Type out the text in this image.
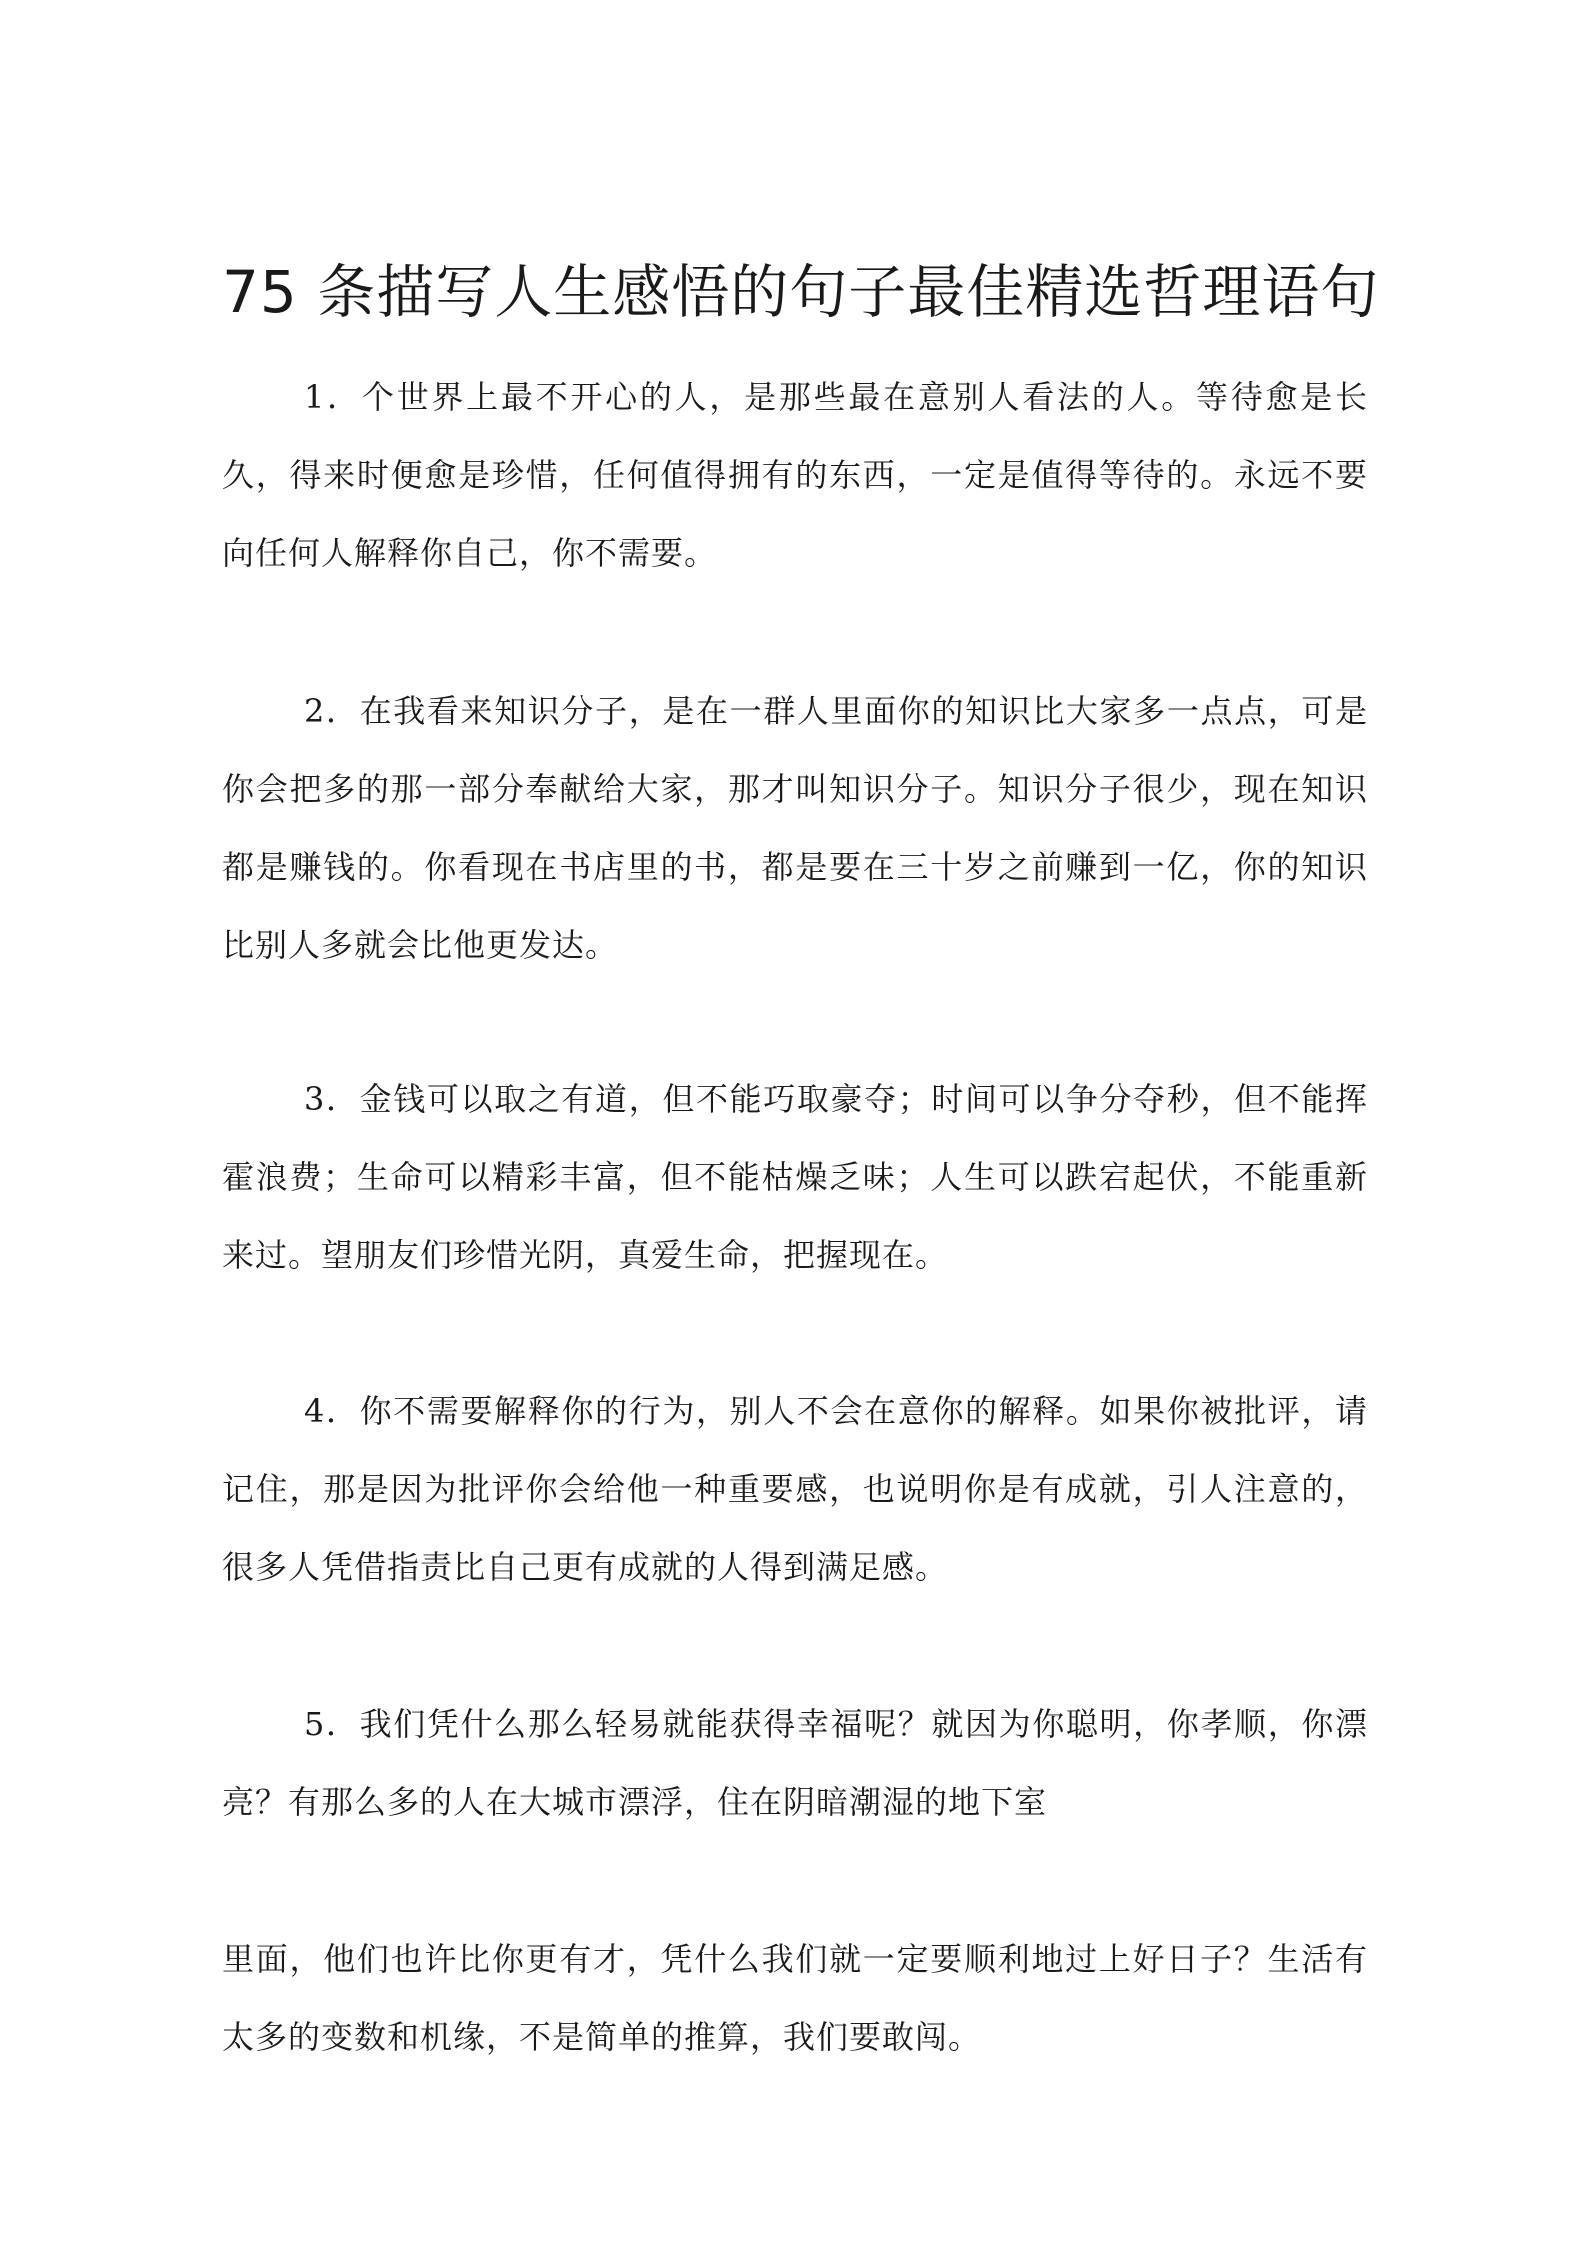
75 条描写人生感悟的句子最佳精选哲理语句

1．个世界上最不开心的人，是那些最在意别人看法的人。等待愈是长久，得来时便愈是珍惜，任何值得拥有的东西，一定是值得等待的。永远不要向任何人解释你自己，你不需要。

2．在我看来知识分子，是在一群人里面你的知识比大家多一点点，可是你会把多的那一部分奉献给大家，那才叫知识分子。知识分子很少，现在知识都是赚钱的。你看现在书店里的书，都是要在三十岁之前赚到一亿，你的知识比别人多就会比他更发达。

3．金钱可以取之有道，但不能巧取豪夺；时间可以争分夺秒，但不能挥霍浪费；生命可以精彩丰富，但不能枯燥乏味；人生可以跌宕起伏，不能重新来过。望朋友们珍惜光阴，真爱生命，把握现在。

4．你不需要解释你的行为，别人不会在意你的解释。如果你被批评，请记住，那是因为批评你会给他一种重要感，也说明你是有成就，引人注意的，很多人凭借指责比自己更有成就的人得到满足感。

5．我们凭什么那么轻易就能获得幸福呢？就因为你聪明，你孝顺，你漂亮？有那么多的人在大城市漂浮，住在阴暗潮湿的地下室

里面，他们也许比你更有才，凭什么我们就一定要顺利地过上好日子？生活有太多的变数和机缘，不是简单的推算，我们要敢闯。
